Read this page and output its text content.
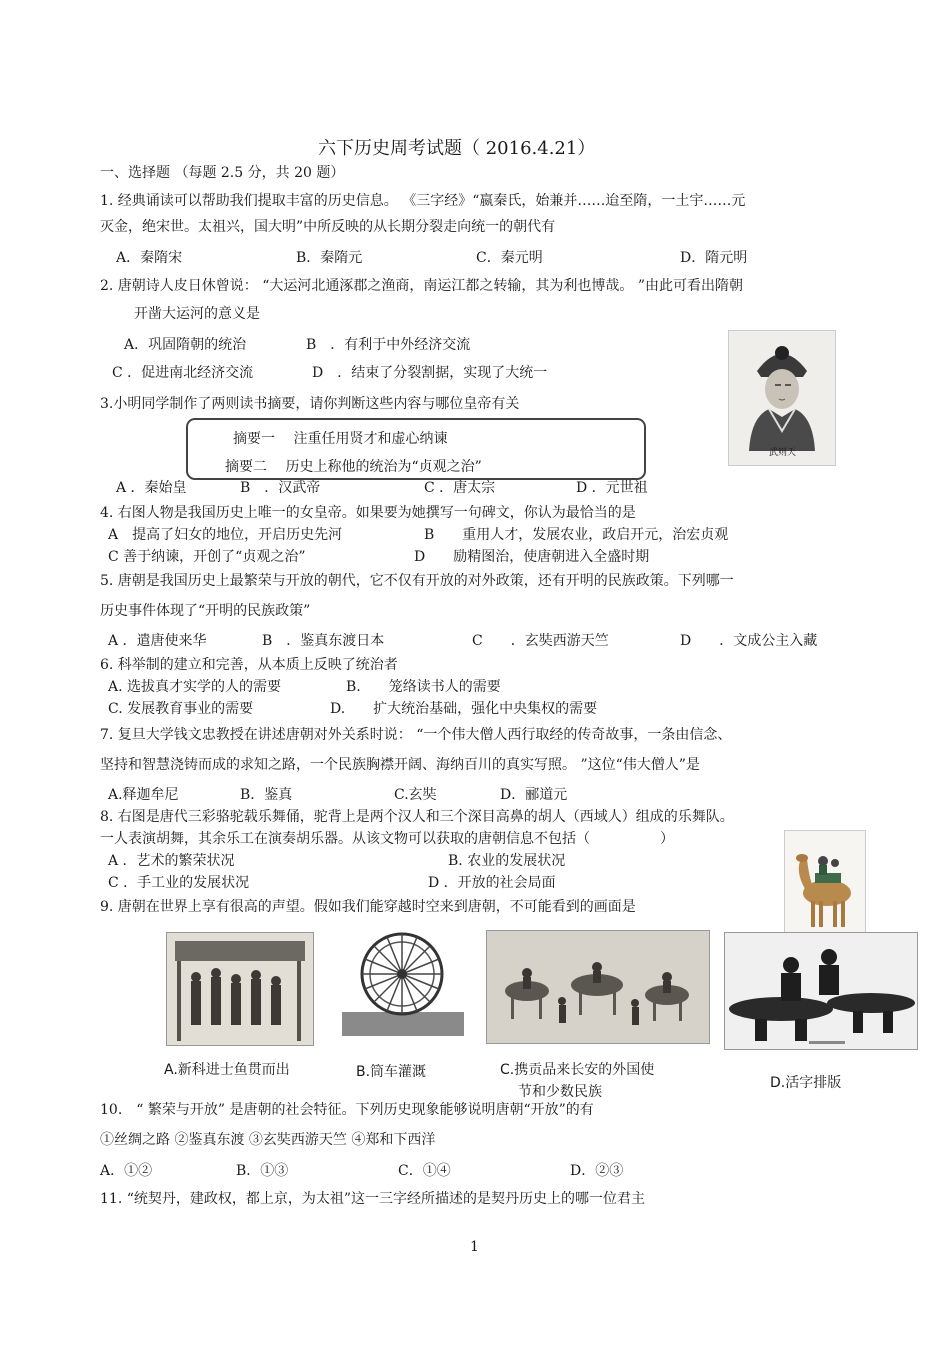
六下历史周考试题（ 2016.4.21）
一、选择题 （每题 2.5 分，共 20 题）
1. 经典诵读可以帮助我们提取丰富的历史信息。 《三字经》“嬴秦氏，始兼并……迨至隋，一土宇……元
灭金，绝宋世。太祖兴，国大明”中所反映的从长期分裂走向统一的朝代有
A．秦隋宋	B．秦隋元	C．秦元明	D．隋元明
2. 唐朝诗人皮日休曾说： “大运河北通涿郡之渔商，南运江都之转输，其为利也博哉。 ”由此可看出隋朝
开凿大运河的意义是
A．巩固隋朝的统治	B　．有利于中外经济交流
C ．促进南北经济交流	D　．结束了分裂割据，实现了大统一
武则天
3.小明同学制作了两则读书摘要，请你判断这些内容与哪位皇帝有关
摘要一　 注重任用贤才和虚心纳谏
摘要二　 历史上称他的统治为“贞观之治”
A ．秦始皇	B　．汉武帝	C ．唐太宗	D ．元世祖
4. 右图人物是我国历史上唯一的女皇帝。如果要为她撰写一句碑文，你认为最恰当的是
A　提高了妇女的地位，开启历史先河	B　　重用人才，发展农业，政启开元，治宏贞观
C 善于纳谏，开创了“贞观之治”	D　　励精图治，使唐朝进入全盛时期
5. 唐朝是我国历史上最繁荣与开放的朝代，它不仅有开放的对外政策，还有开明的民族政策。下列哪一
历史事件体现了“开明的民族政策”
A ．遣唐使来华	B　．鉴真东渡日本	C　　．玄奘西游天竺	D　　．文成公主入藏
6. 科举制的建立和完善，从本质上反映了统治者
A. 选拔真才实学的人的需要	B.　　笼络读书人的需要
C. 发展教育事业的需要	D.　　扩大统治基础，强化中央集权的需要
7. 复旦大学钱文忠教授在讲述唐朝对外关系时说： “一个伟大僧人西行取经的传奇故事，一条由信念、
坚持和智慧浇铸而成的求知之路，一个民族胸襟开阔、海纳百川的真实写照。 ”这位“伟大僧人”是
A.释迦牟尼	B．鉴真	C.玄奘	D．郦道元
8. 右图是唐代三彩骆驼载乐舞俑，驼背上是两个汉人和三个深目高鼻的胡人（西域人）组成的乐舞队。
一人表演胡舞，其余乐工在演奏胡乐器。从该文物可以获取的唐朝信息不包括（　　　　　）
A ．艺术的繁荣状况	B. 农业的发展状况
C ．手工业的发展状况	D ．开放的社会局面
9. 唐朝在世界上享有很高的声望。假如我们能穿越时空来到唐朝，不可能看到的画面是
A.新科进士鱼贯而出	B.筒车灌溉	C.携贡品来长安的外国使
节和少数民族
D.活字排版
10.　“ 繁荣与开放” 是唐朝的社会特征。下列历史现象能够说明唐朝“开放”的有
①丝绸之路 ②鉴真东渡 ③玄奘西游天竺 ④郑和下西洋
A．①②	B．①③	C．①④	D．②③
11. “统契丹，建政权，都上京，为太祖”这一三字经所描述的是契丹历史上的哪一位君主
1
